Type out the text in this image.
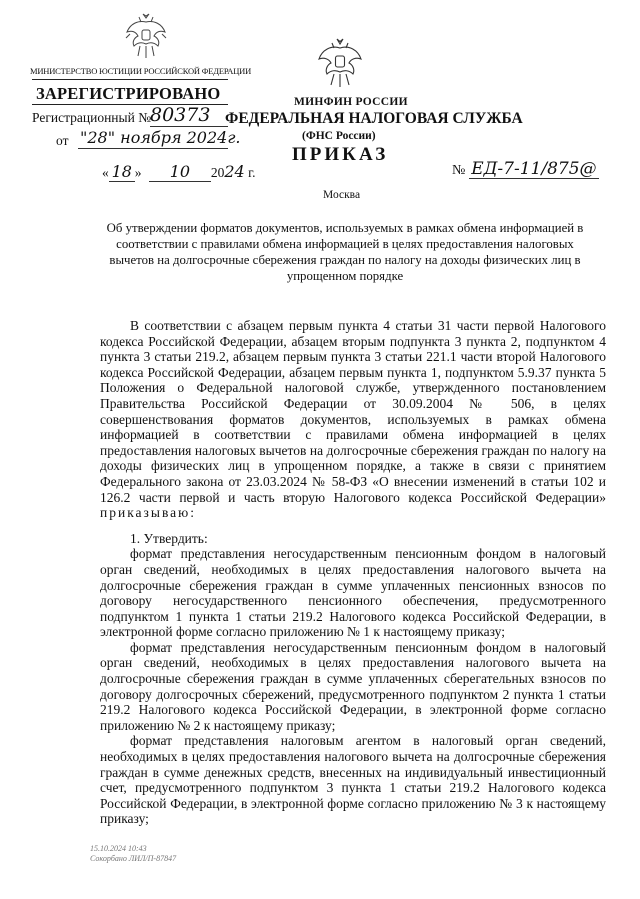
МИНИСТЕРСТВО ЮСТИЦИИ РОССИЙСКОЙ ФЕДЕРАЦИИ
ЗАРЕГИСТРИРОВАНО
Регистрационный №
80373
от "28" ноября 2024г.
МИНФИН РОССИИ
ФЕДЕРАЛЬНАЯ НАЛОГОВАЯ СЛУЖБА
(ФНС России)
ПРИКАЗ
« 18 » 10 2024 г.	№ ЕД-7-11/875@
Москва
Об утверждении форматов документов, используемых в рамках обмена информацией в соответствии с правилами обмена информацией в целях предоставления налоговых вычетов на долгосрочные сбережения граждан по налогу на доходы физических лиц в упрощенном порядке

В соответствии с абзацем первым пункта 4 статьи 31 части первой Налогового кодекса Российской Федерации, абзацем вторым подпункта 3 пункта 2, подпунктом 4 пункта 3 статьи 219.2, абзацем первым пункта 3 статьи 221.1 части второй Налогового кодекса Российской Федерации, абзацем первым пункта 1, подпунктом 5.9.37 пункта 5 Положения о Федеральной налоговой службе, утвержденного постановлением Правительства Российской Федерации от 30.09.2004 № 506, в целях совершенствования форматов документов, используемых в рамках обмена информацией в соответствии с правилами обмена информацией в целях предоставления налоговых вычетов на долгосрочные сбережения граждан по налогу на доходы физических лиц в упрощенном порядке, а также в связи с принятием Федерального закона от 23.03.2024 № 58-ФЗ «О внесении изменений в статьи 102 и 126.2 части первой и часть вторую Налогового кодекса Российской Федерации» приказываю:

1. Утвердить:

формат представления негосударственным пенсионным фондом в налоговый орган сведений, необходимых в целях предоставления налогового вычета на долгосрочные сбережения граждан в сумме уплаченных пенсионных взносов по договору негосударственного пенсионного обеспечения, предусмотренного подпунктом 1 пункта 1 статьи 219.2 Налогового кодекса Российской Федерации, в электронной форме согласно приложению № 1 к настоящему приказу;

формат представления негосударственным пенсионным фондом в налоговый орган сведений, необходимых в целях предоставления налогового вычета на долгосрочные сбережения граждан в сумме уплаченных сберегательных взносов по договору долгосрочных сбережений, предусмотренного подпунктом 2 пункта 1 статьи 219.2 Налогового кодекса Российской Федерации, в электронной форме согласно приложению № 2 к настоящему приказу;

формат представления налоговым агентом в налоговый орган сведений, необходимых в целях предоставления налогового вычета на долгосрочные сбережения граждан в сумме денежных средств, внесенных на индивидуальный инвестиционный счет, предусмотренного подпунктом 3 пункта 1 статьи 219.2 Налогового кодекса Российской Федерации, в электронной форме согласно приложению № 3 к настоящему приказу;

15.10.2024 10:43
Сокорбано ЛИЛ/П-87847
